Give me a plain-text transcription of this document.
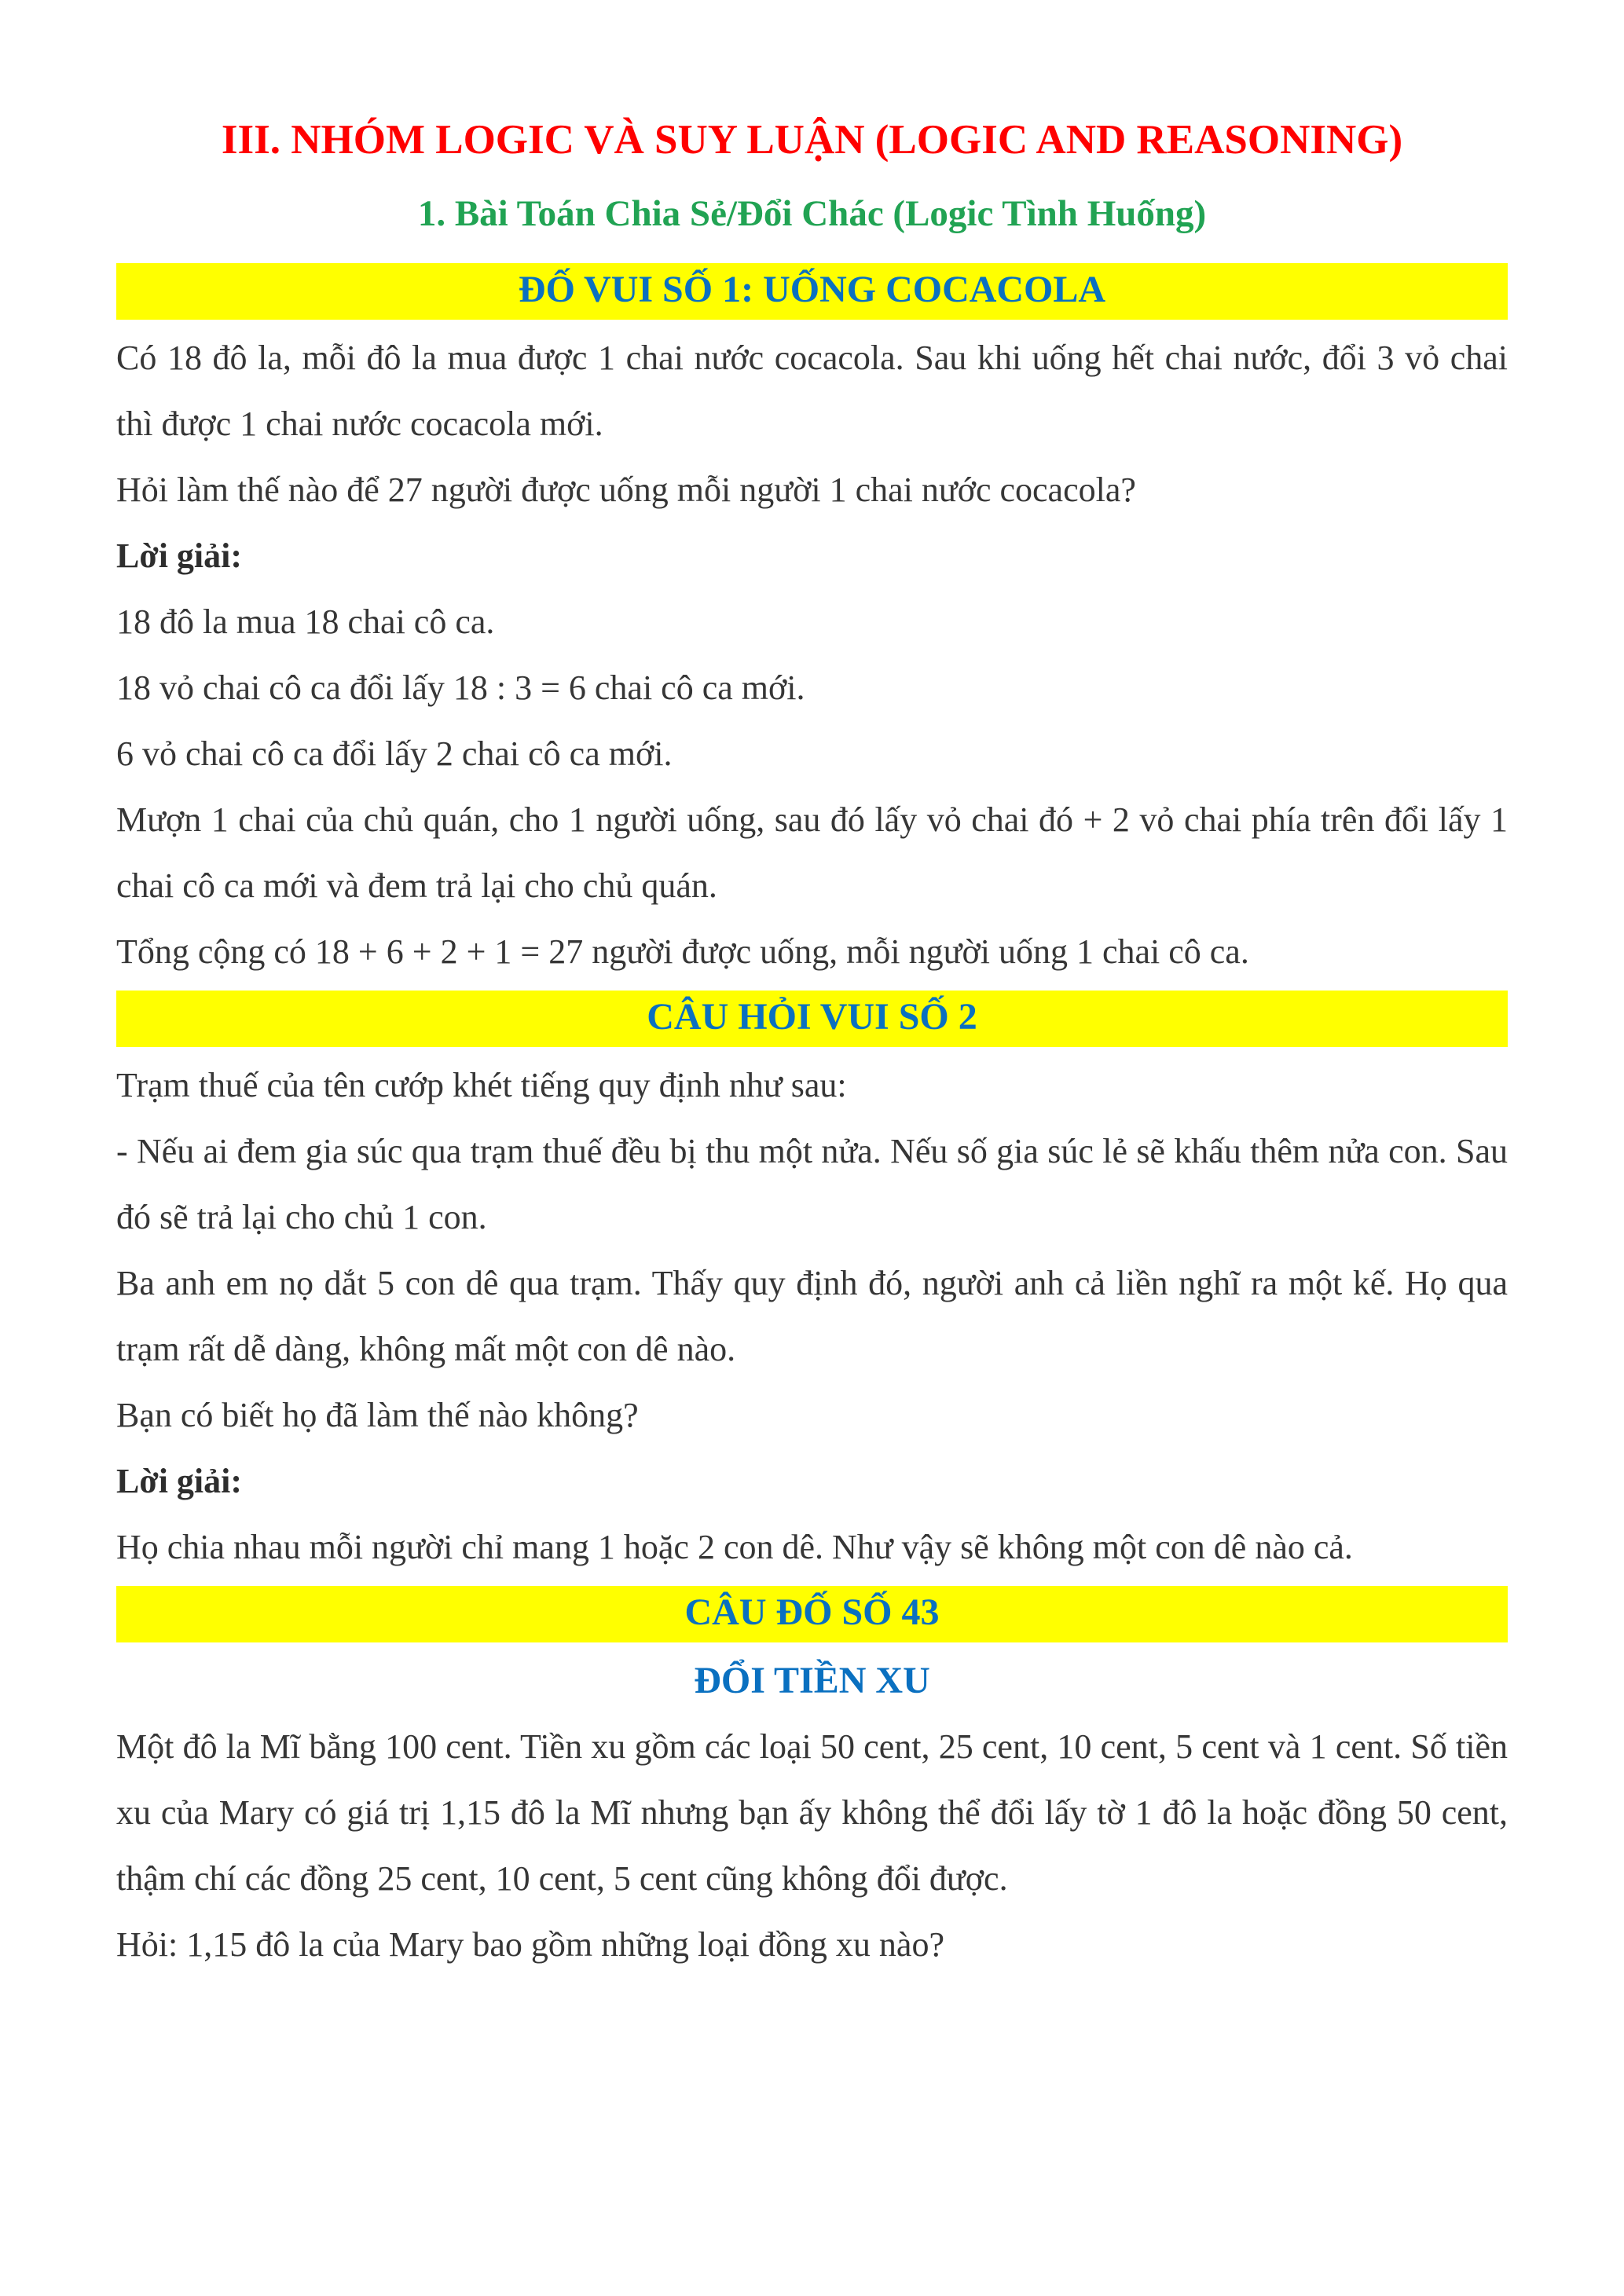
III. NHÓM LOGIC VÀ SUY LUẬN (LOGIC AND REASONING)
1. Bài Toán Chia Sẻ/Đổi Chác (Logic Tình Huống)
ĐỐ VUI SỐ 1: UỐNG COCACOLA

Có 18 đô la, mỗi đô la mua được 1 chai nước cocacola. Sau khi uống hết chai nước, đổi 3 vỏ chai thì được 1 chai nước cocacola mới.

Hỏi làm thế nào để 27 người được uống mỗi người 1 chai nước cocacola?

Lời giải:

18 đô la mua 18 chai cô ca.

18 vỏ chai cô ca đổi lấy 18 : 3 = 6 chai cô ca mới.

6 vỏ chai cô ca đổi lấy 2 chai cô ca mới.

Mượn 1 chai của chủ quán, cho 1 người uống, sau đó lấy vỏ chai đó + 2 vỏ chai phía trên đổi lấy 1 chai cô ca mới và đem trả lại cho chủ quán.

Tổng cộng có 18 + 6 + 2 + 1 = 27 người được uống, mỗi người uống 1 chai cô ca.

CÂU HỎI VUI SỐ 2

Trạm thuế của tên cướp khét tiếng quy định như sau:

- Nếu ai đem gia súc qua trạm thuế đều bị thu một nửa. Nếu số gia súc lẻ sẽ khấu thêm nửa con. Sau đó sẽ trả lại cho chủ 1 con.

Ba anh em nọ dắt 5 con dê qua trạm. Thấy quy định đó, người anh cả liền nghĩ ra một kế. Họ qua trạm rất dễ dàng, không mất một con dê nào.

Bạn có biết họ đã làm thế nào không?

Lời giải:

Họ chia nhau mỗi người chỉ mang 1 hoặc 2 con dê. Như vậy sẽ không một con dê nào cả.

CÂU ĐỐ SỐ 43

ĐỔI TIỀN XU

Một đô la Mĩ bằng 100 cent. Tiền xu gồm các loại 50 cent, 25 cent, 10 cent, 5 cent và 1 cent. Số tiền xu của Mary có giá trị 1,15 đô la Mĩ nhưng bạn ấy không thể đổi lấy tờ 1 đô la hoặc đồng 50 cent, thậm chí các đồng 25 cent, 10 cent, 5 cent cũng không đổi được.

Hỏi: 1,15 đô la của Mary bao gồm những loại đồng xu nào?
